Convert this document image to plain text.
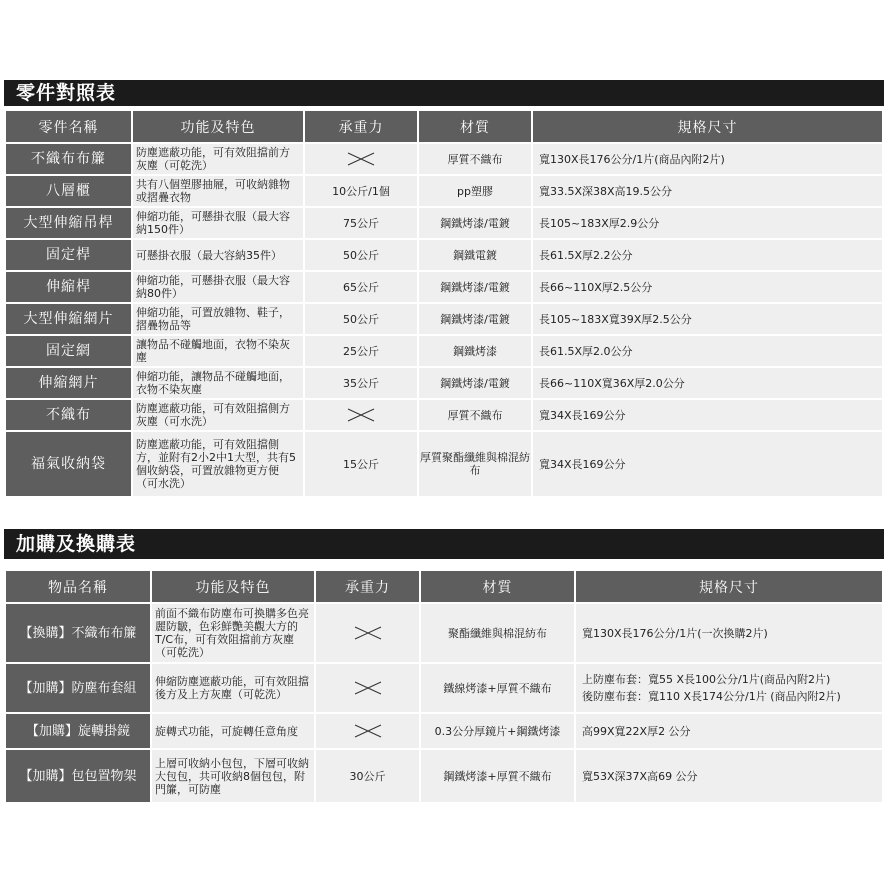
零件對照表
零件名稱	功能及特色	承重力	材質	規格尺寸
不織布布簾	防塵遮蔽功能，可有效阻擋前方灰塵（可乾洗）		厚質不織布	寬130X長176公分/1片(商品內附2片)
八層櫃	共有八個塑膠抽屜，可收納雜物或摺疊衣物	10公斤/1個	pp塑膠	寬33.5X深38X高19.5公分
大型伸縮吊桿	伸縮功能，可懸掛衣服（最大容納150件）	75公斤	鋼鐵烤漆/電鍍	長105~183X厚2.9公分
固定桿	可懸掛衣服（最大容納35件）	50公斤	鋼鐵電鍍	長61.5X厚2.2公分
伸縮桿	伸縮功能，可懸掛衣服（最大容納80件）	65公斤	鋼鐵烤漆/電鍍	長66~110X厚2.5公分
大型伸縮網片	伸縮功能，可置放雜物、鞋子，摺疊物品等	50公斤	鋼鐵烤漆/電鍍	長105~183X寬39X厚2.5公分
固定網	讓物品不碰觸地面，衣物不染灰塵	25公斤	鋼鐵烤漆	長61.5X厚2.0公分
伸縮網片	伸縮功能，讓物品不碰觸地面，衣物不染灰塵	35公斤	鋼鐵烤漆/電鍍	長66~110X寬36X厚2.0公分
不織布	防塵遮蔽功能，可有效阻擋側方灰塵（可水洗）		厚質不織布	寬34X長169公分
福氣收納袋	防塵遮蔽功能，可有效阻擋側方，並附有2小2中1大型，共有5個收納袋，可置放雜物更方便（可水洗）	15公斤	厚質聚酯纖維與棉混紡布	寬34X長169公分
加購及換購表
物品名稱	功能及特色	承重力	材質	規格尺寸
【換購】不織布布簾	前面不織布防塵布可換購多色亮麗防皺，色彩鮮艷美觀大方的T/C布，可有效阻擋前方灰塵（可乾洗）		聚酯纖維與棉混紡布	寬130X長176公分/1片(一次換購2片)
【加購】防塵布套組	伸縮防塵遮蔽功能，可有效阻擋後方及上方灰塵（可乾洗）		鐵線烤漆+厚質不織布	上防塵布套：寬55 X長100公分/1片(商品內附2片)
後防塵布套：寬110 X長174公分/1片 (商品內附2片)

【加購】旋轉掛鏡	旋轉式功能，可旋轉任意角度		0.3公分厚鏡片+鋼鐵烤漆	高99X寬22X厚2 公分
【加購】包包置物架	上層可收納小包包，下層可收納大包包，共可收納8個包包，附門簾，可防塵	30公斤	鋼鐵烤漆+厚質不織布	寬53X深37X高69 公分
